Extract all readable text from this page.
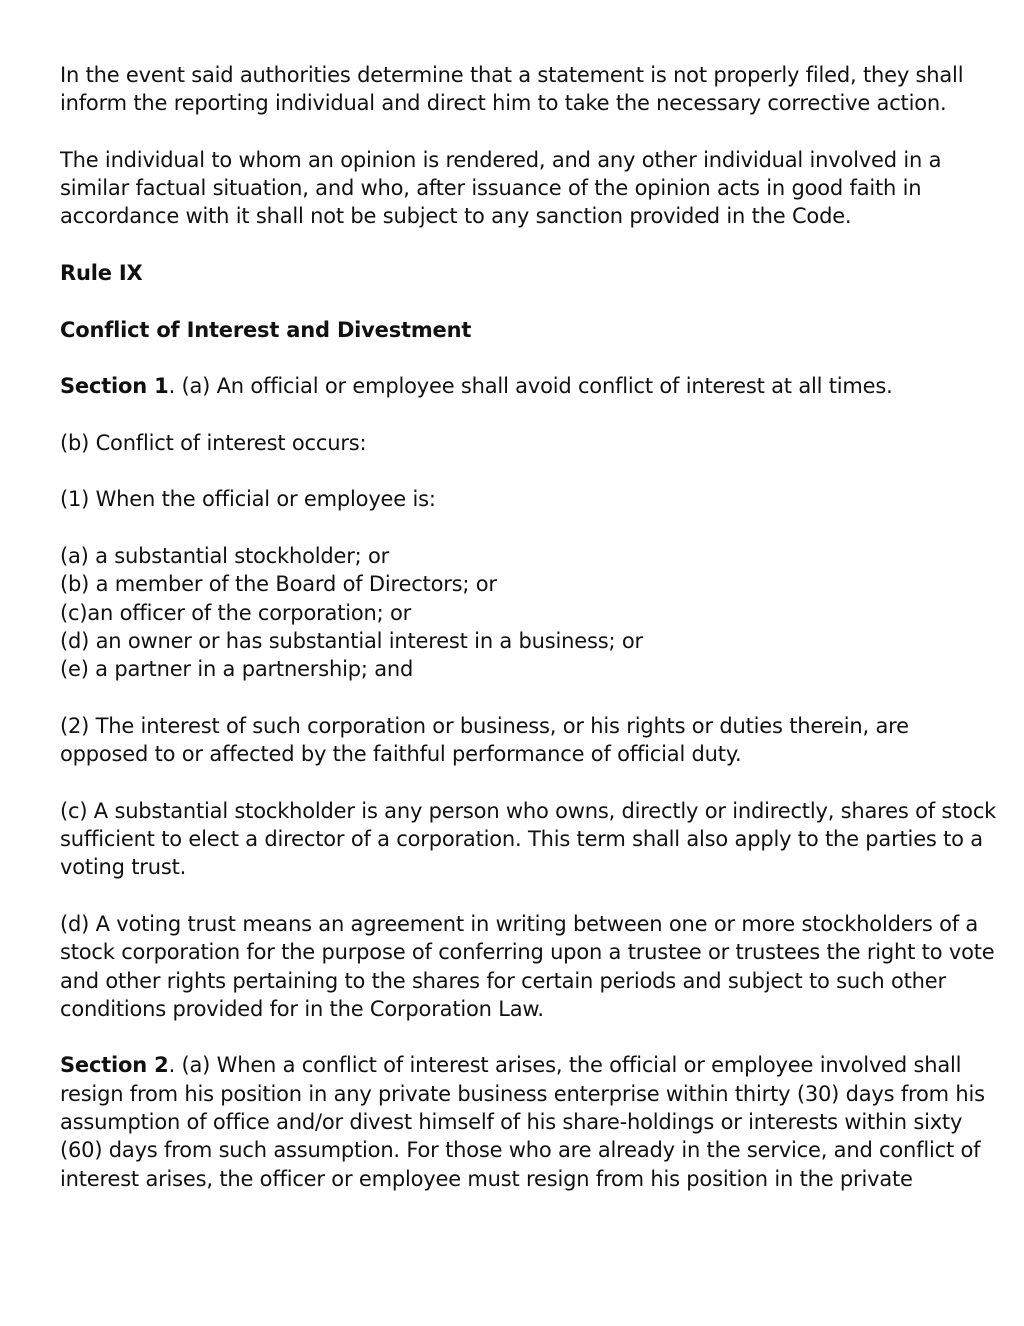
In the event said authorities determine that a statement is not properly filed, they shall inform the reporting individual and direct him to take the necessary corrective action.

The individual to whom an opinion is rendered, and any other individual involved in a similar factual situation, and who, after issuance of the opinion acts in good faith in accordance with it shall not be subject to any sanction provided in the Code.

Rule IX

Conflict of Interest and Divestment

Section 1. (a) An official or employee shall avoid conflict of interest at all times.

(b) Conflict of interest occurs:

(1) When the official or employee is:

(a) a substantial stockholder; or

(b) a member of the Board of Directors; or

(c)an officer of the corporation; or

(d) an owner or has substantial interest in a business; or

(e) a partner in a partnership; and

(2) The interest of such corporation or business, or his rights or duties therein, are opposed to or affected by the faithful performance of official duty.

(c) A substantial stockholder is any person who owns, directly or indirectly, shares of stock sufficient to elect a director of a corporation. This term shall also apply to the parties to a voting trust.

(d) A voting trust means an agreement in writing between one or more stockholders of a stock corporation for the purpose of conferring upon a trustee or trustees the right to vote and other rights pertaining to the shares for certain periods and subject to such other conditions provided for in the Corporation Law.

Section 2. (a) When a conflict of interest arises, the official or employee involved shall resign from his position in any private business enterprise within thirty (30) days from his assumption of office and/or divest himself of his share-holdings or interests within sixty (60) days from such assumption. For those who are already in the service, and conflict of interest arises, the officer or employee must resign from his position in the private
